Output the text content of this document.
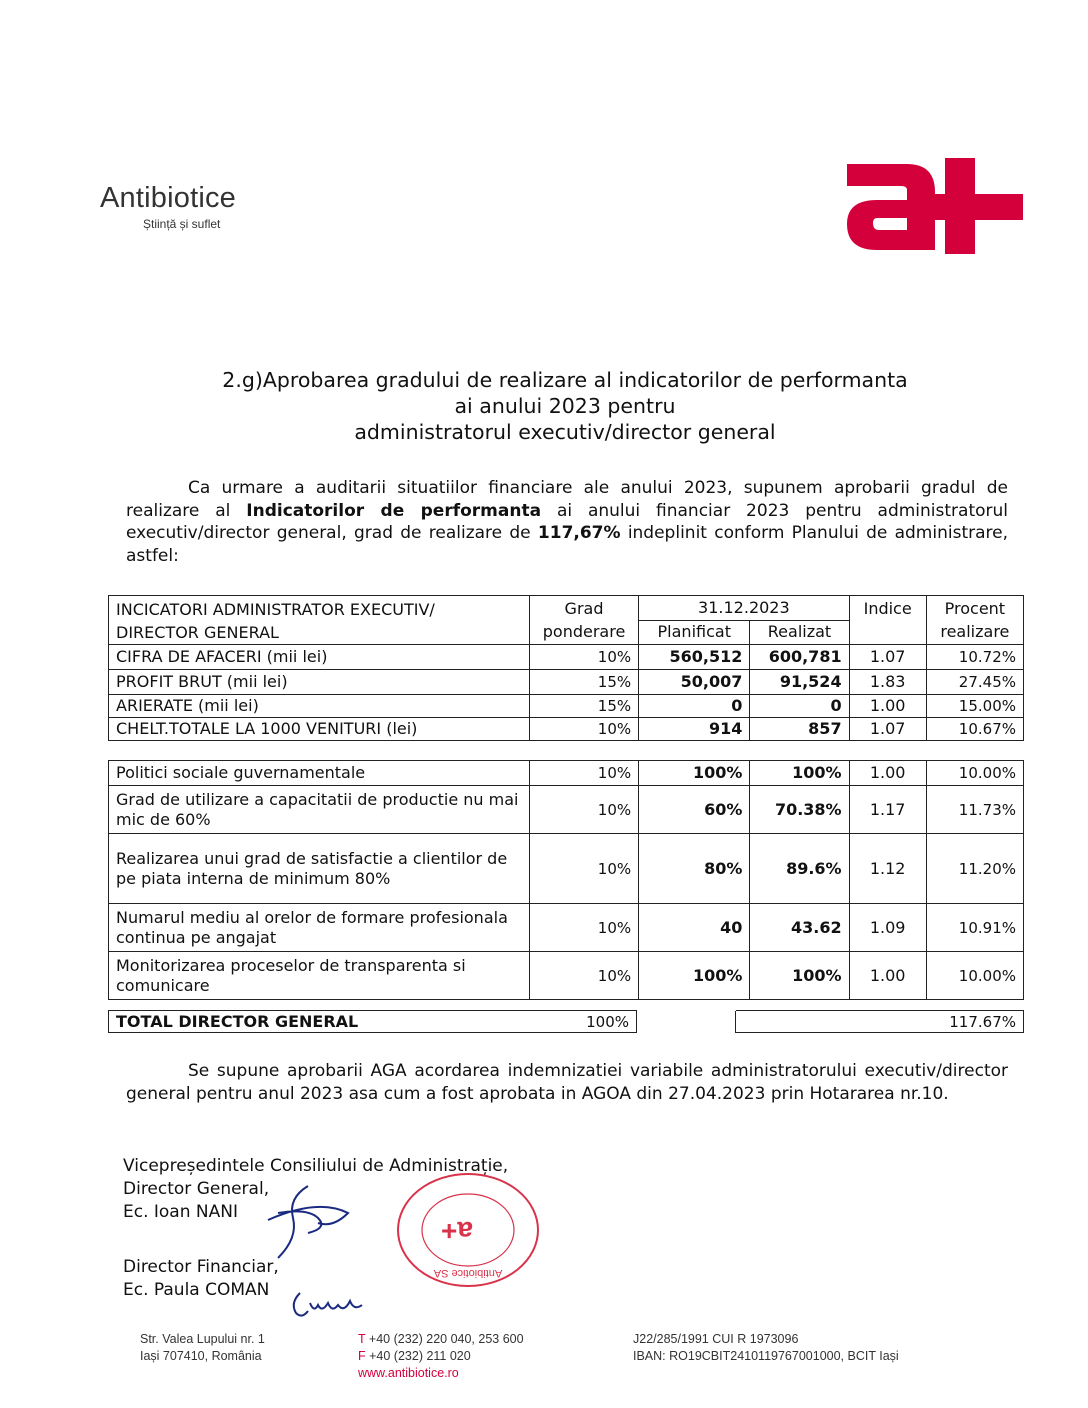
Antibiotice
Știință și suflet
2.g)Aprobarea gradului de realizare al indicatorilor de performanta
ai anului 2023 pentru
administratorul executiv/director general
Ca urmare a auditarii situatiilor financiare ale anului 2023, supunem aprobarii gradul de realizare al Indicatorilor de performanta ai anului financiar 2023 pentru administratorul executiv/director general, grad de realizare de 117,67% indeplinit conform Planului de administrare, astfel:
INCICATORI ADMINISTRATOR EXECUTIV/ DIRECTOR GENERAL	Grad ponderare	31.12.2023		Indice	Procent realizare
		Planificat	Realizat		
CIFRA DE AFACERI (mii lei)	10%	560,512	600,781	1.07	10.72%
PROFIT BRUT (mii lei)	15%	50,007	91,524	1.83	27.45%
ARIERATE (mii lei)	15%	0	0	1.00	15.00%
CHELT.TOTALE LA 1000 VENITURI (lei)	10%	914	857	1.07	10.67%
Politici sociale guvernamentale	10%	100%	100%	1.00	10.00%
Grad de utilizare a capacitatii de productie nu mai mic de 60%	10%	60%	70.38%	1.17	11.73%
Realizarea unui grad de satisfactie a clientilor de pe piata interna de minimum 80%	10%	80%	89.6%	1.12	11.20%
Numarul mediu al orelor de formare profesionala continua pe angajat	10%	40	43.62	1.09	10.91%
Monitorizarea proceselor de transparenta si comunicare	10%	100%	100%	1.00	10.00%
TOTAL DIRECTOR GENERAL	100%		117.67%
Se supune aprobarii AGA acordarea indemnizatiei variabile administratorului executiv/director general pentru anul 2023 asa cum a fost aprobata in AGOA din 27.04.2023 prin Hotararea nr.10.
Vicepreședintele Consiliului de Administrație,
Director General,
Ec. Ioan NANI
Director Financiar,
Ec. Paula COMAN
a+
Antibiotice SA
Str. Valea Lupului nr. 1
Iași 707410, România
T +40 (232) 220 040, 253 600
F +40 (232) 211 020
www.antibiotice.ro
J22/285/1991 CUI R 1973096
IBAN: RO19CBIT2410119767001000, BCIT Iași
